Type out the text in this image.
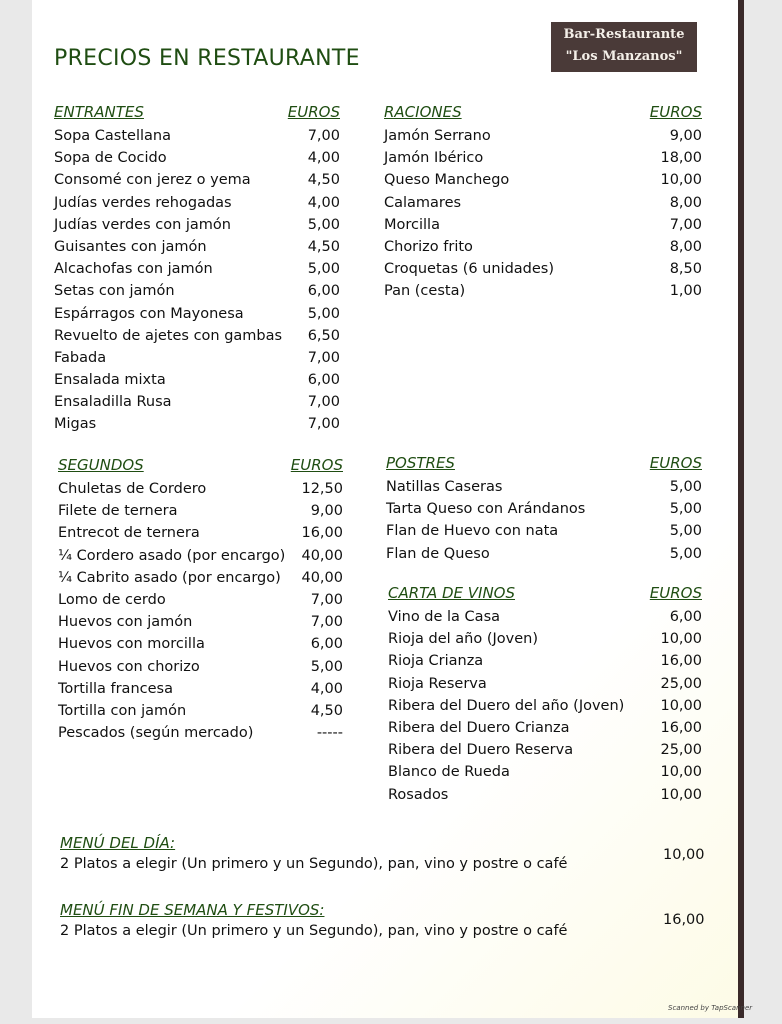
PRECIOS EN RESTAURANTE
Bar-Restaurante
"Los Manzanos"
ENTRANTES	EUROS
Sopa Castellana	7,00
Sopa de Cocido	4,00
Consomé con jerez o yema	4,50
Judías verdes rehogadas	4,00
Judías verdes con jamón	5,00
Guisantes con jamón	4,50
Alcachofas con jamón	5,00
Setas con jamón	6,00
Espárragos con Mayonesa	5,00
Revuelto de ajetes con gambas 6,50
Fabada	7,00
Ensalada mixta	6,00
Ensaladilla Rusa	7,00
Migas	7,00
RACIONES	EUROS
Jamón Serrano	9,00
Jamón Ibérico	18,00
Queso Manchego	10,00
Calamares	8,00
Morcilla	7,00
Chorizo frito	8,00
Croquetas (6 unidades)	8,50
Pan (cesta)	1,00
SEGUNDOS	EUROS
Chuletas de Cordero	12,50
Filete de ternera	9,00
Entrecot de ternera	16,00
¼ Cordero asado (por encargo) 40,00
¼ Cabrito asado (por encargo) 40,00
Lomo de cerdo	7,00
Huevos con jamón	7,00
Huevos con morcilla	6,00
Huevos con chorizo	5,00
Tortilla francesa	4,00
Tortilla con jamón	4,50
Pescados (según mercado)	-----
POSTRES	EUROS
Natillas Caseras	5,00
Tarta Queso con Arándanos	5,00
Flan de Huevo con nata	5,00
Flan de Queso	5,00
CARTA DE VINOS	EUROS
Vino de la Casa	6,00
Rioja del año (Joven)	10,00
Rioja Crianza	16,00
Rioja Reserva	25,00
Ribera del Duero del año (Joven) 10,00
Ribera del Duero Crianza	16,00
Ribera del Duero Reserva	25,00
Blanco de Rueda	10,00
Rosados	10,00
MENÚ DEL DÍA:
2 Platos a elegir (Un primero y un Segundo), pan, vino y postre o café
10,00
MENÚ FIN DE SEMANA Y FESTIVOS:
2 Platos a elegir (Un primero y un Segundo), pan, vino y postre o café
16,00
Scanned by TapScanner
